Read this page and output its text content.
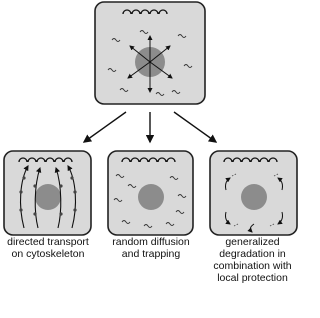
directed transport
on cytoskeleton
random diffusion
and trapping
generalized
degradation in
combination with
local protection
